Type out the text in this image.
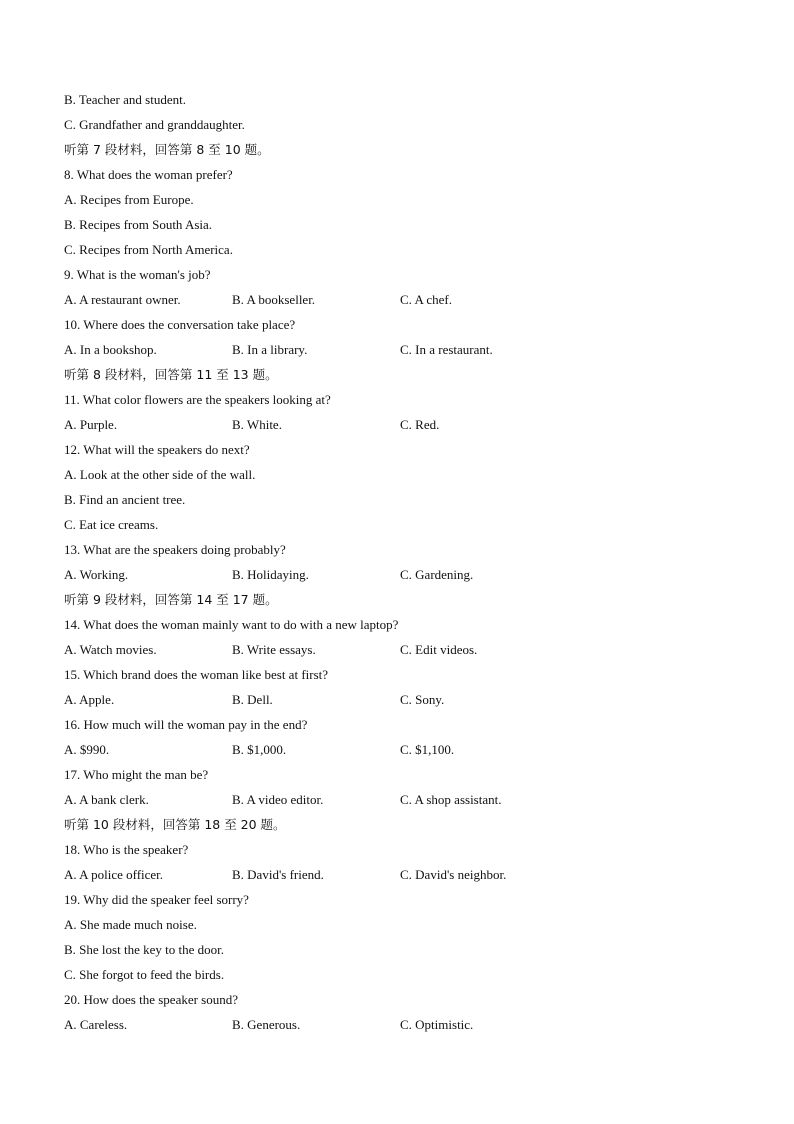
B. Teacher and student.
C. Grandfather and granddaughter.
听第 7 段材料，回答第 8 至 10 题。
8. What does the woman prefer?
A. Recipes from Europe.
B. Recipes from South Asia.
C. Recipes from North America.
9. What is the woman's job?
A. A restaurant owner.	B. A bookseller.	C. A chef.
10. Where does the conversation take place?
A. In a bookshop.	B. In a library.	C. In a restaurant.
听第 8 段材料，回答第 11 至 13 题。
11. What color flowers are the speakers looking at?
A. Purple.	B. White.	C. Red.
12. What will the speakers do next?
A. Look at the other side of the wall.
B. Find an ancient tree.
C. Eat ice creams.
13. What are the speakers doing probably?
A. Working.	B. Holidaying.	C. Gardening.
听第 9 段材料，回答第 14 至 17 题。
14. What does the woman mainly want to do with a new laptop?
A. Watch movies.	B. Write essays.	C. Edit videos.
15. Which brand does the woman like best at first?
A. Apple.	B. Dell.	C. Sony.
16. How much will the woman pay in the end?
A. $990.	B. $1,000.	C. $1,100.
17. Who might the man be?
A. A bank clerk.	B. A video editor.	C. A shop assistant.
听第 10 段材料，回答第 18 至 20 题。
18. Who is the speaker?
A. A police officer.	B. David's friend.	C. David's neighbor.
19. Why did the speaker feel sorry?
A. She made much noise.
B. She lost the key to the door.
C. She forgot to feed the birds.
20. How does the speaker sound?
A. Careless.	B. Generous.	C. Optimistic.
